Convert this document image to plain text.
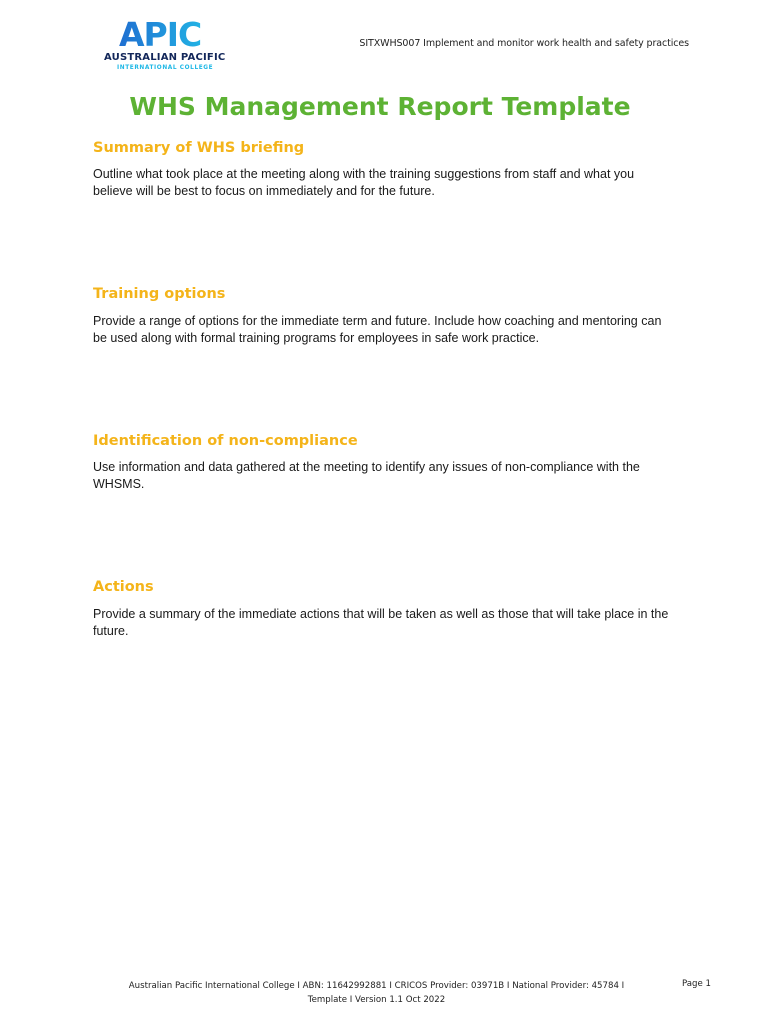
APIC
AUSTRALIAN PACIFIC
INTERNATIONAL COLLEGE
SITXWHS007 Implement and monitor work health and safety practices
WHS Management Report Template
Summary of WHS briefing

Outline what took place at the meeting along with the training suggestions from staff and what you believe will be best to focus on immediately and for the future.

Training options

Provide a range of options for the immediate term and future. Include how coaching and mentoring can be used along with formal training programs for employees in safe work practice.

Identification of non-compliance

Use information and data gathered at the meeting to identify any issues of non-compliance with the WHSMS.

Actions

Provide a summary of the immediate actions that will be taken as well as those that will take place in the future.

Australian Pacific International College I ABN: 11642992881 I CRICOS Provider: 03971B I National Provider: 45784 I
Template I Version 1.1 Oct 2022
Page 1
